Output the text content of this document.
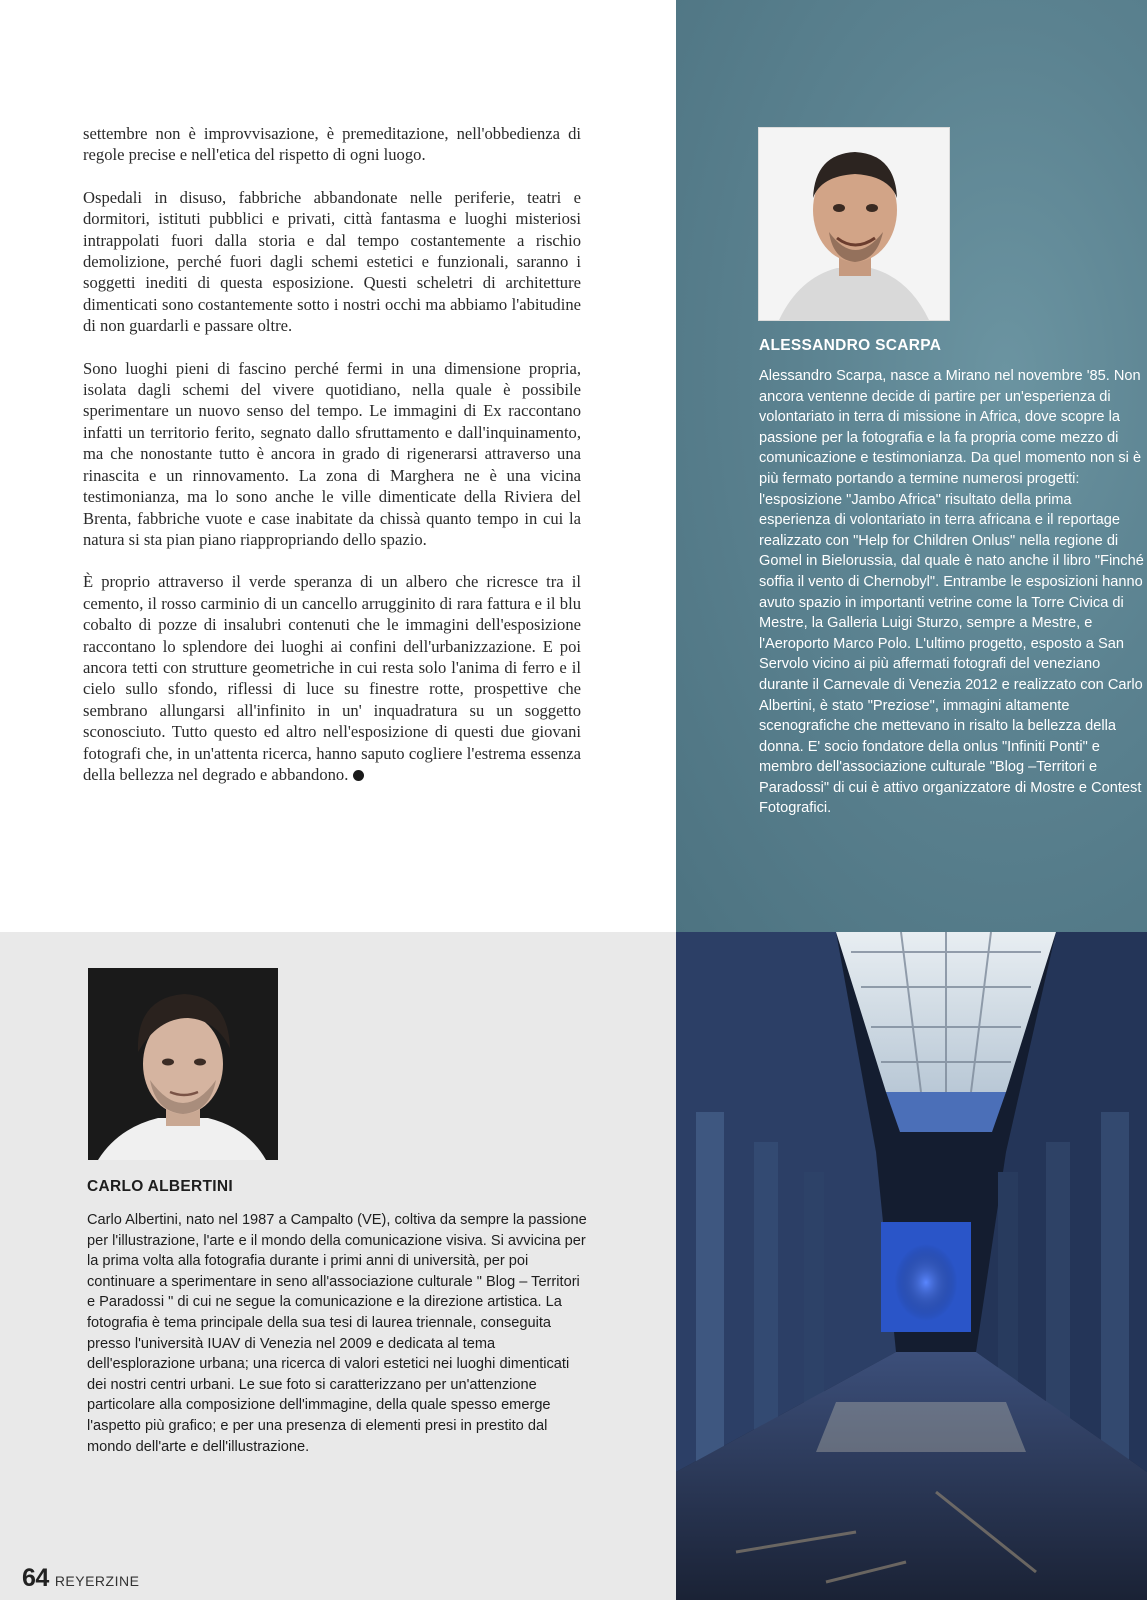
settembre non è improvvisazione, è premeditazione, nell'obbedienza di regole precise e nell'etica del rispetto di ogni luogo.

Ospedali in disuso, fabbriche abbandonate nelle periferie, teatri e dormitori, istituti pubblici e privati, città fantasma e luoghi misteriosi intrappolati fuori dalla storia e dal tempo costantemente a rischio demolizione, perché fuori dagli schemi estetici e funzionali, saranno i soggetti inediti di questa esposizione. Questi scheletri di architetture dimenticati sono costantemente sotto i nostri occhi ma abbiamo l'abitudine di non guardarli e passare oltre.

Sono luoghi pieni di fascino perché fermi in una dimensione propria, isolata dagli schemi del vivere quotidiano, nella quale è possibile sperimentare un nuovo senso del tempo. Le immagini di Ex raccontano infatti un territorio ferito, segnato dallo sfruttamento e dall'inquinamento, ma che nonostante tutto è ancora in grado di rigenerarsi attraverso una rinascita e un rinnovamento. La zona di Marghera ne è una vicina testimonianza, ma lo sono anche le ville dimenticate della Riviera del Brenta, fabbriche vuote e case inabitate da chissà quanto tempo in cui la natura si sta pian piano riappropriando dello spazio.

È proprio attraverso il verde speranza di un albero che ricresce tra il cemento, il rosso carminio di un cancello arrugginito di rara fattura e il blu cobalto di pozze di insalubri contenuti che le immagini dell'esposizione raccontano lo splendore dei luoghi ai confini dell'urbanizzazione. E poi ancora tetti con strutture geometriche in cui resta solo l'anima di ferro e il cielo sullo sfondo, riflessi di luce su finestre rotte, prospettive che sembrano allungarsi all'infinito in un' inquadratura su un soggetto sconosciuto. Tutto questo ed altro nell'esposizione di questi due giovani fotografi che, in un'attenta ricerca, hanno saputo cogliere l'estrema essenza della bellezza nel degrado e abbandono.

ALESSANDRO SCARPA

Alessandro Scarpa, nasce a Mirano nel novembre '85. Non ancora ventenne decide di partire per un'esperienza di volontariato in terra di missione in Africa, dove scopre la passione per la fotografia e la fa propria come mezzo di comunicazione e testimonianza. Da quel momento non si è più fermato portando a termine numerosi progetti: l'esposizione "Jambo Africa" risultato della prima esperienza di volontariato in terra africana e il reportage realizzato con "Help for Children Onlus" nella regione di Gomel in Bielorussia, dal quale è nato anche il libro "Finché soffia il vento di Chernobyl". Entrambe le esposizioni hanno avuto spazio in importanti vetrine come la Torre Civica di Mestre, la Galleria Luigi Sturzo, sempre a Mestre, e l'Aeroporto Marco Polo. L'ultimo progetto, esposto a San Servolo vicino ai più affermati fotografi del veneziano durante il Carnevale di Venezia 2012 e realizzato con Carlo Albertini, è stato "Preziose", immagini altamente scenografiche che mettevano in risalto la bellezza della donna. E' socio fondatore della onlus "Infiniti Ponti" e membro dell'associazione culturale "Blog –Territori e Paradossi" di cui è attivo organizzatore di Mostre e Contest Fotografici.

CARLO ALBERTINI

Carlo Albertini, nato nel 1987 a Campalto (VE), coltiva da sempre la passione per l'illustrazione, l'arte e il mondo della comunicazione visiva. Si avvicina per la prima volta alla fotografia durante i primi anni di università, per poi continuare a sperimentare in seno all'associazione culturale " Blog – Territori e Paradossi " di cui ne segue la comunicazione e la direzione artistica. La fotografia è tema principale della sua tesi di laurea triennale, conseguita presso l'università IUAV di Venezia nel 2009 e dedicata al tema dell'esplorazione urbana; una ricerca di valori estetici nei luoghi dimenticati dei nostri centri urbani. Le sue foto si caratterizzano per un'attenzione particolare alla composizione dell'immagine, della quale spesso emerge l'aspetto più grafico; e per una presenza di elementi presi in prestito dal mondo dell'arte e dell'illustrazione.

64 REYERZINE
